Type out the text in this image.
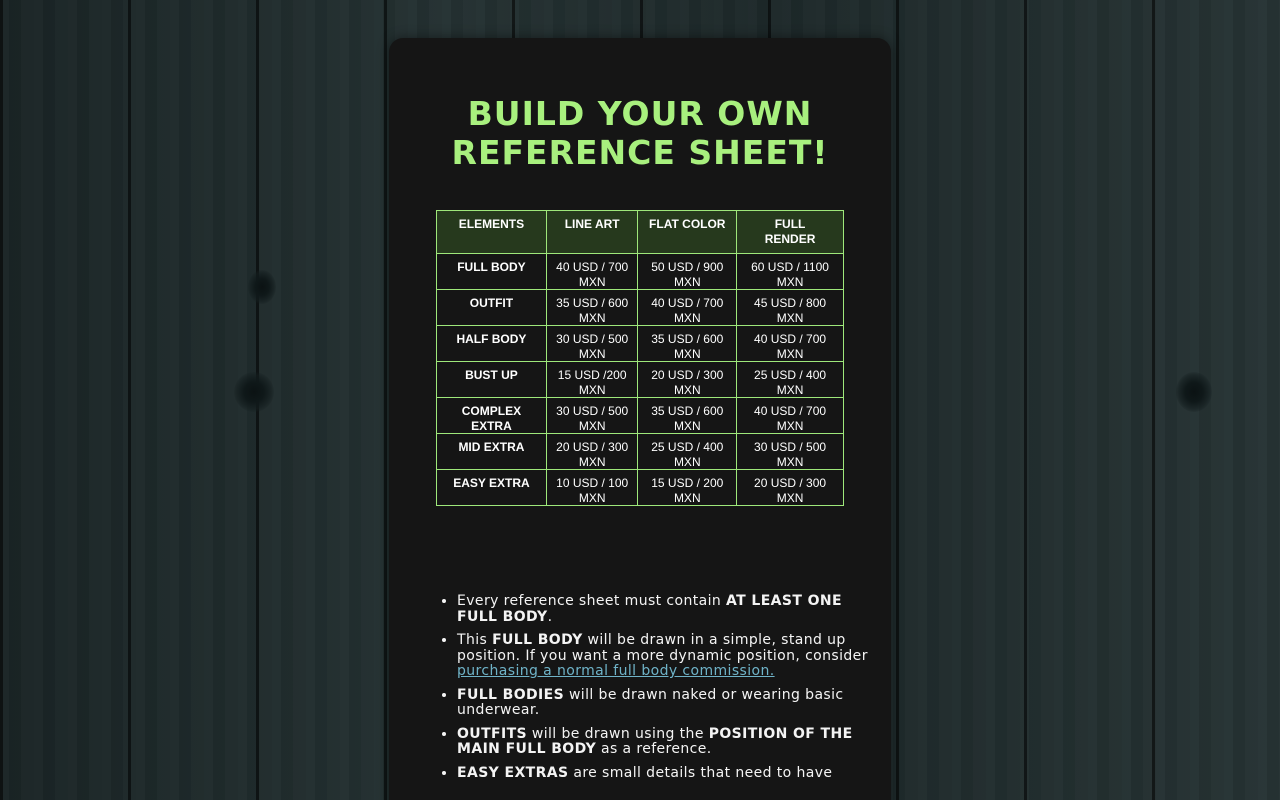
BUILD YOUR OWN
REFERENCE SHEET!
ELEMENTS	LINE ART	FLAT COLOR	FULL RENDER
FULL BODY	40 USD / 700 MXN	50 USD / 900 MXN	60 USD / 1100 MXN
OUTFIT	35 USD / 600 MXN	40 USD / 700 MXN	45 USD / 800 MXN
HALF BODY	30 USD / 500 MXN	35 USD / 600 MXN	40 USD / 700 MXN
BUST UP	15 USD /200 MXN	20 USD / 300 MXN	25 USD / 400 MXN
COMPLEX EXTRA	30 USD / 500 MXN	35 USD / 600 MXN	40 USD / 700 MXN
MID EXTRA	20 USD / 300 MXN	25 USD / 400 MXN	30 USD / 500 MXN
EASY EXTRA	10 USD / 100 MXN	15 USD / 200 MXN	20 USD / 300 MXN
• Every reference sheet must contain AT LEAST ONE FULL BODY.
• This FULL BODY will be drawn in a simple, stand up position. If you want a more dynamic position, consider purchasing a normal full body commission.
• FULL BODIES will be drawn naked or wearing basic underwear.
• OUTFITS will be drawn using the POSITION OF THE MAIN FULL BODY as a reference.
• EASY EXTRAS are small details that need to have
